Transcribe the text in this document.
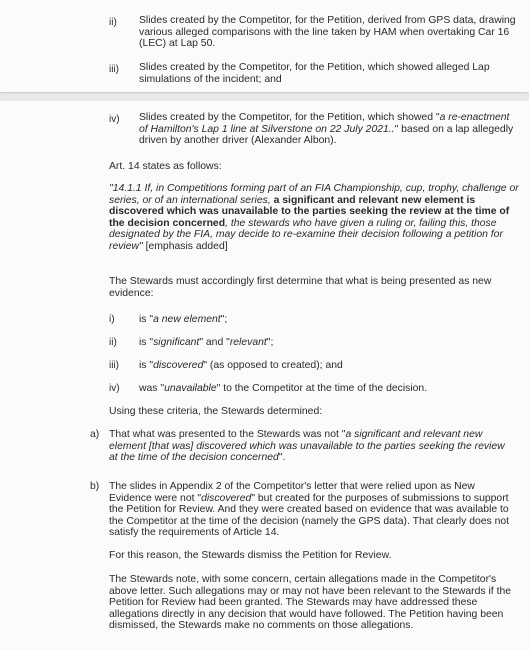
ii) Slides created by the Competitor, for the Petition, derived from GPS data, drawing various alleged comparisons with the line taken by HAM when overtaking Car 16 (LEC) at Lap 50.

iii) Slides created by the Competitor, for the Petition, which showed alleged Lap simulations of the incident; and

iv) Slides created by the Competitor, for the Petition, which showed "a re-enactment of Hamilton's Lap 1 line at Silverstone on 22 July 2021.." based on a lap allegedly driven by another driver (Alexander Albon).

Art. 14 states as follows:

"14.1.1 If, in Competitions forming part of an FIA Championship, cup, trophy, challenge or series, or of an international series, a significant and relevant new element is discovered which was unavailable to the parties seeking the review at the time of the decision concerned, the stewards who have given a ruling or, failing this, those designated by the FIA, may decide to re-examine their decision following a petition for review" [emphasis added]

The Stewards must accordingly first determine that what is being presented as new evidence:

i) is "a new element";
ii) is "significant" and "relevant";
iii) is "discovered" (as opposed to created); and
iv) was "unavailable" to the Competitor at the time of the decision.

Using these criteria, the Stewards determined:

a) That what was presented to the Stewards was not "a significant and relevant new element [that was] discovered which was unavailable to the parties seeking the review at the time of the decision concerned".

b) The slides in Appendix 2 of the Competitor's letter that were relied upon as New Evidence were not "discovered" but created for the purposes of submissions to support the Petition for Review. And they were created based on evidence that was available to the Competitor at the time of the decision (namely the GPS data). That clearly does not satisfy the requirements of Article 14.

For this reason, the Stewards dismiss the Petition for Review.

The Stewards note, with some concern, certain allegations made in the Competitor's above letter. Such allegations may or may not have been relevant to the Stewards if the Petition for Review had been granted. The Stewards may have addressed these allegations directly in any decision that would have followed. The Petition having been dismissed, the Stewards make no comments on those allegations.
